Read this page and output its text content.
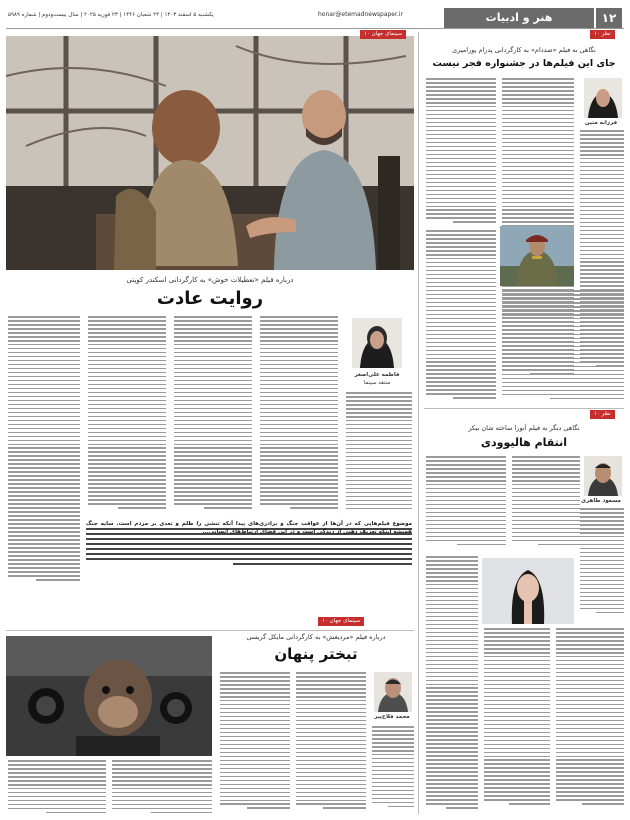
۱۲
هنر و ادبیات
honar@etemadnewspaper.ir
یکشنبه ۵ اسفند ۱۴۰۳ | ۲۴ شعبان ۱۴۴۶ | ۲۳ فوریه ۲۰۲۵ | سال بیست‌ودوم | شماره ۵۹۸۹
سینمای جهان ۱۰
درباره فیلم «تعطیلات خوش» به کارگردانی اسکندر کوپتی
روایت عادت
فاطمه علی‌اصغر
منتقد سینما
موضوع فیلم‌هایی که در آن‌ها از عواقب جنگ و برادری‌های پیدا آنکه تنشی را ظلم و تعدی بر مردم است. سایه جنگ همیشه اینکه تعریف ذهنی از زندگی است و در این فضای ارتباط‌های انسانی...
سینمای جهان ۱۰
درباره فیلم «مردیغش» به کارگردانی مایکل گریسی
تبختر پنهان
محمد فلاح‌‌پیر
نظر ۱۰
نگاهی به فیلم «صددام» به کارگردانی پدرام پورامیری
جای این فیلم‌ها در جشنواره فجر نیست
فرزانه متین
نظر ۱۰
نگاهی دیگر به فیلم آنورا ساخته شان بیکر
انتقام هالیوودی
مسعود طاهری
